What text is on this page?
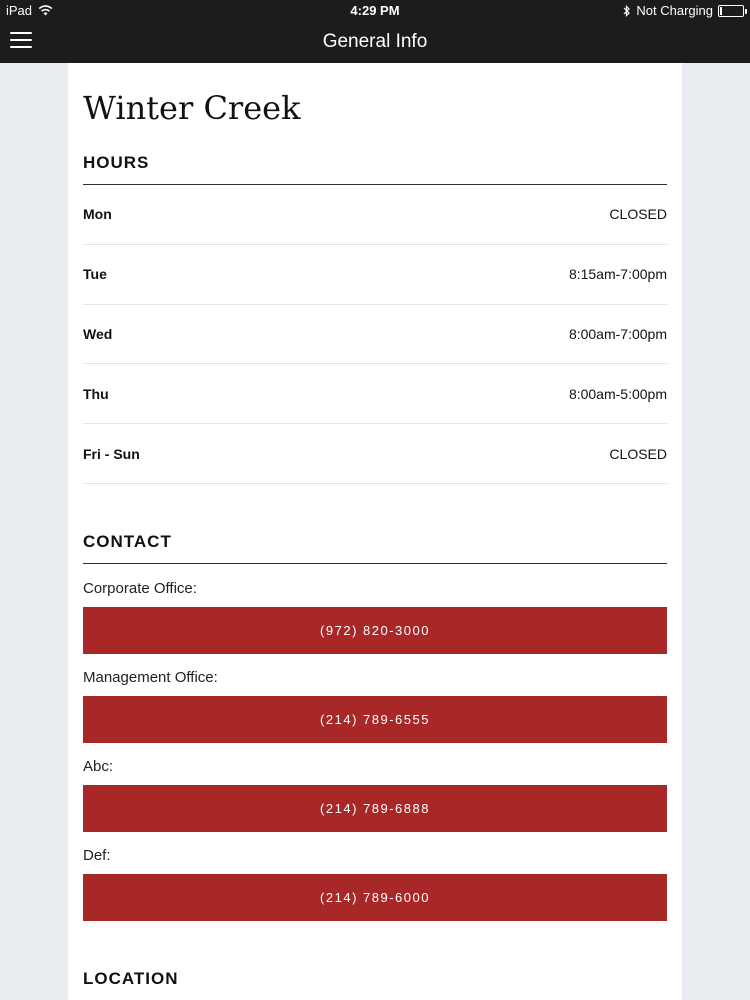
iPad	4:29 PM	Not Charging
General Info
Winter Creek
HOURS
Mon	CLOSED
Tue	8:15am-7:00pm
Wed	8:00am-7:00pm
Thu	8:00am-5:00pm
Fri - Sun	CLOSED
CONTACT
Corporate Office:
(972) 820-3000
Management Office:
(214) 789-6555
Abc:
(214) 789-6888
Def:
(214) 789-6000
LOCATION
